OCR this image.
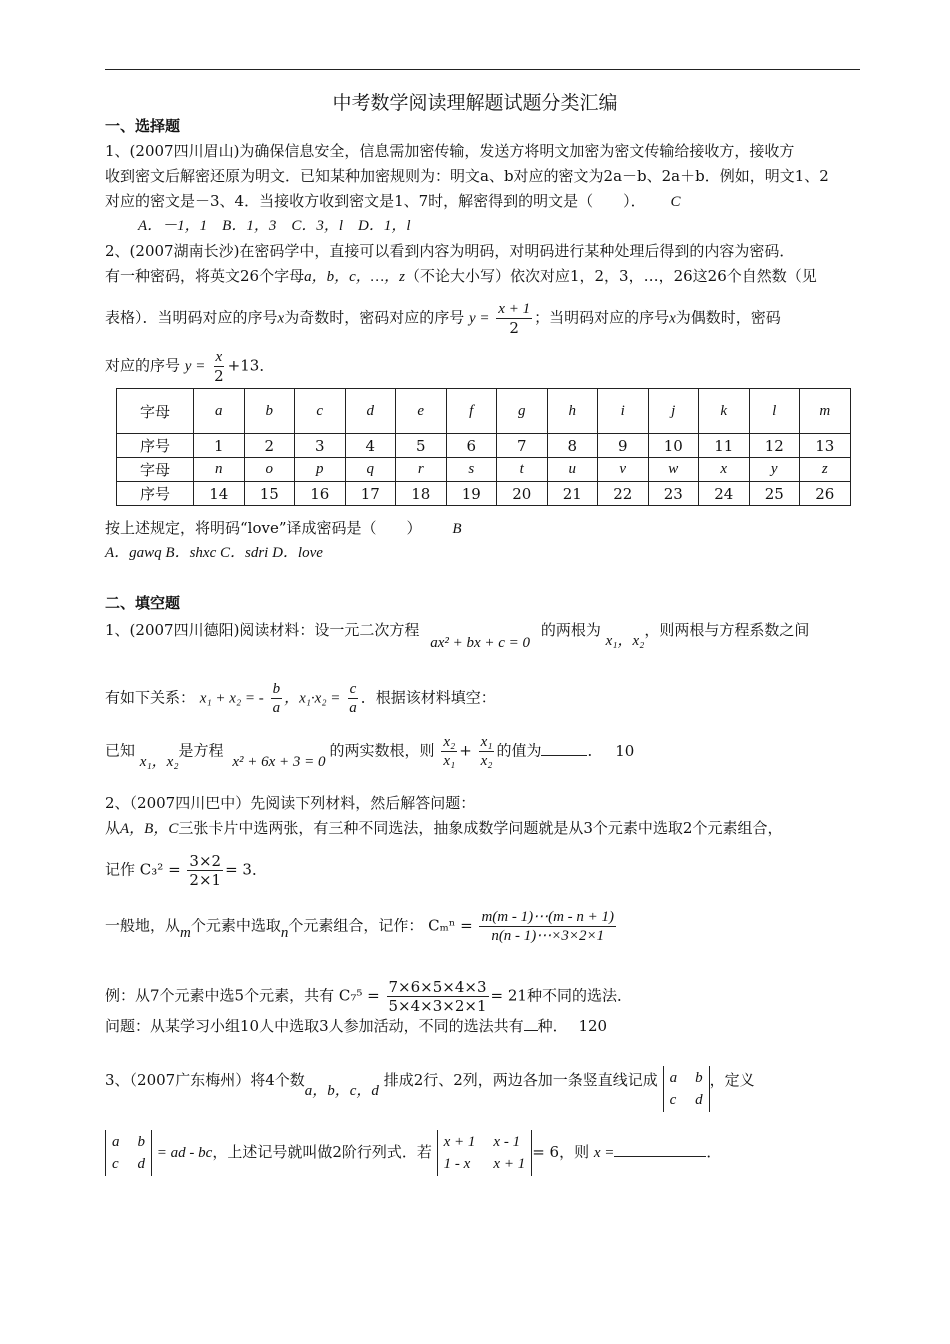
中考数学阅读理解题试题分类汇编
一、选择题
1、(2007四川眉山)为确保信息安全，信息需加密传输，发送方将明文加密为密文传输给接收方，接收方
收到密文后解密还原为明文．已知某种加密规则为：明文a、b对应的密文为2a－b、2a＋b．例如，明文1、2
对应的密文是－3、4．当接收方收到密文是1、7时，解密得到的明文是（　　）． C
A．－1，1　B．1，3　C．3，l　D．1，l
2、(2007湖南长沙)在密码学中，直接可以看到内容为明码，对明码进行某种处理后得到的内容为密码．
有一种密码，将英文26个字母a，b，c，…，z（不论大小写）依次对应1，2，3，…，26这26个自然数（见
表格）．当明码对应的序号x为奇数时，密码对应的序号 $y = \frac{x + 1}{2}$ ；当明码对应的序号x为偶数时，密码
对应的序号 $y = \frac{x}{2} +13$．
字母	a	b	c	d	e	f	g	h	i	j	k	l	m
序号	1	2	3	4	5	6	7	8	9	10	11	12	13
字母	n	o	p	q	r	s	t	u	v	w	x	y	z
序号	14	15	16	17	18	19	20	21	22	23	24	25	26
按上述规定，将明码“love”译成密码是（　　） B
A．gawq B．shxc C．sdri D．love
二、填空题
1、(2007四川德阳)阅读材料：设一元二次方程 ax² + bx + c = 0 的两根为 x₁，x₂，则两根与方程系数之间
有如下关系： x₁ + x₂ = - $\frac{b}{a}$ ，$x_1\cdot x_2 = \frac{c}{a}$ ．根据该材料填空：
已知 x₁，x₂是方程 x² + 6x + 3 = 0的两实数根，则 $\frac{\text{x₂}}{\text{x₁}} + \frac{\text{x₁}}{\text{x₂}}$ 的值为	． 10
2、（2007四川巴中）先阅读下列材料，然后解答问题：
从A，B，C三张卡片中选两张，有三种不同选法，抽象成数学问题就是从3个元素中选取2个元素组合，
记作 $C_3^2 = \frac{3\times 2}{2\times 1} = 3$．
一般地，从m个元素中选取n个元素组合，记作： $C_m^n = \frac{m(m - 1)\cdots(m - n + 1)}{n(n - 1)\cdots\times 3\times 2\times 1}$
例：从7个元素中选5个元素，共有 $C_7^5 = \frac{7\times 6\times 5\times 4\times 3}{5\times 4\times 3\times 2\times 1} = 21$种不同的选法．
问题：从某学习小组10人中选取3人参加活动，不同的选法共有 种． 120
3、（2007广东梅州）将4个数a，b，c，d 排成2行、2列，两边各加一条竖直线记成 a b
c d
，定义
a b
c d
= ad - bc，上述记号就叫做2阶行列式．若
x + 1 x - 1
1 - x	x + 1
= 6，则 x =	．
